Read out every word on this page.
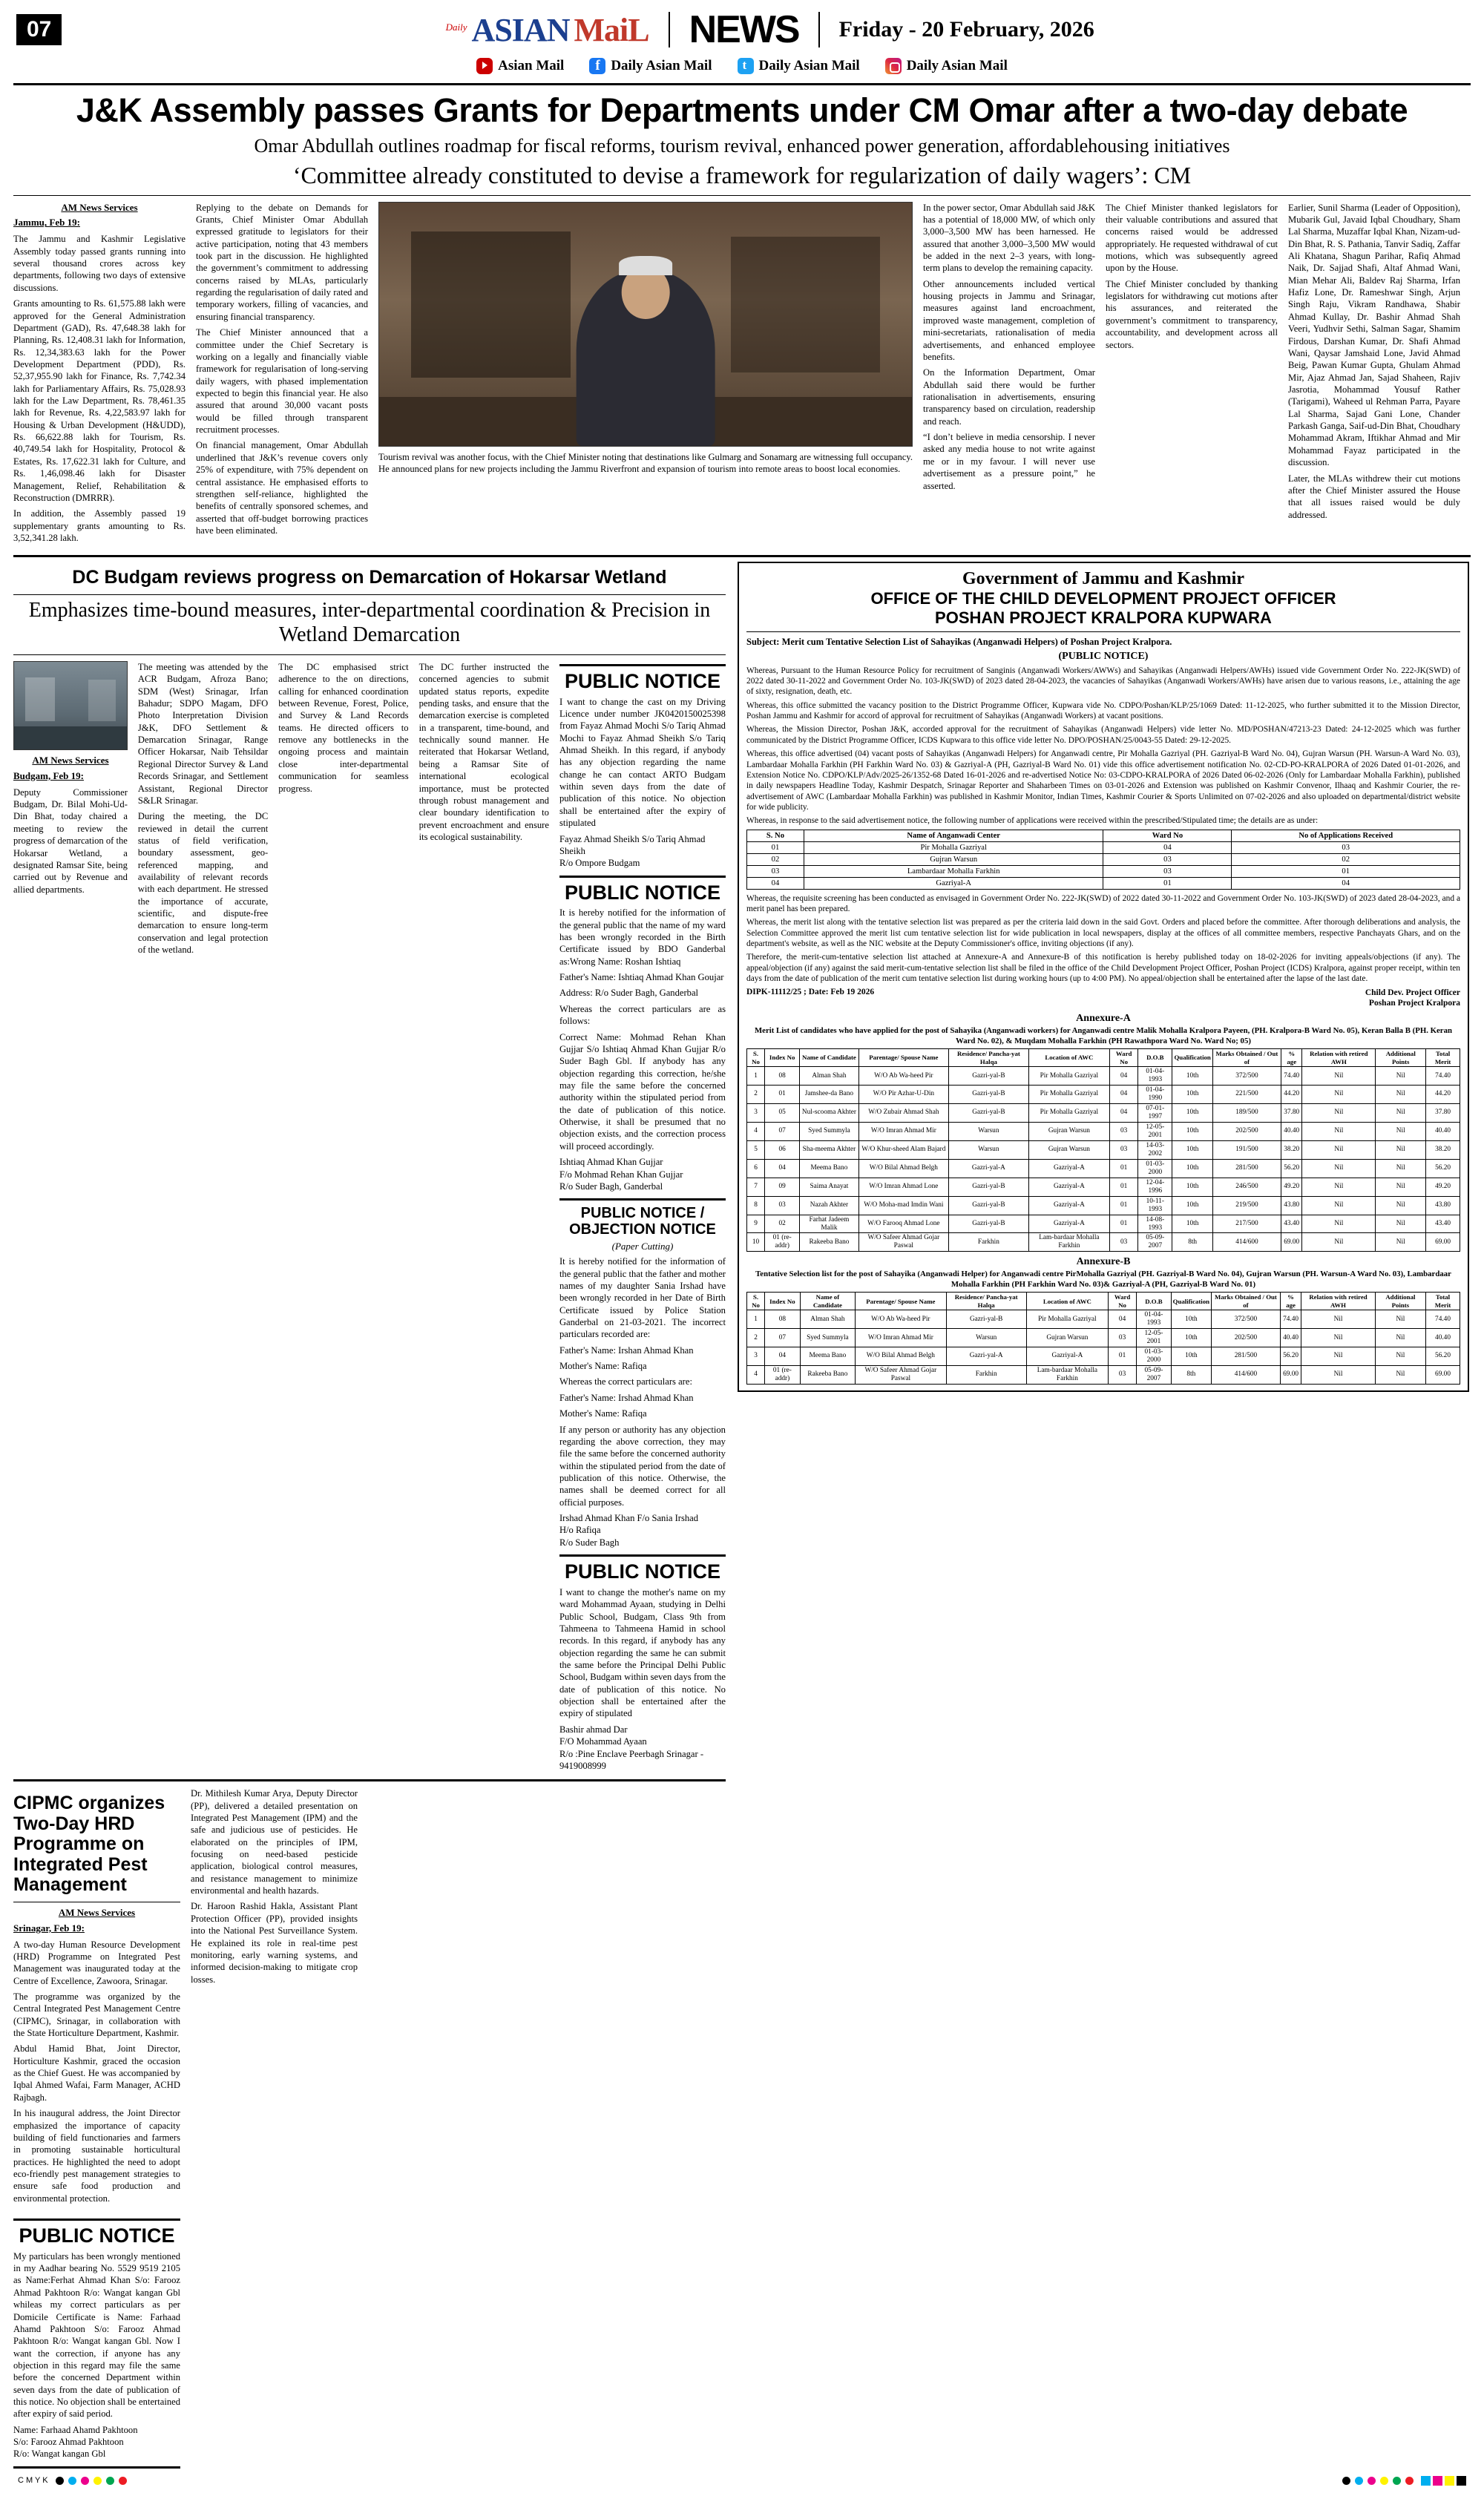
07	Daily ASIAN MaiL NEWS Friday - 20 February, 2026
Asian Mail f	Daily Asian Mail t	Daily Asian Mail	Daily Asian Mail
J&K Assembly passes Grants for Departments under CM Omar after a two-day debate
Omar Abdullah outlines roadmap for fiscal reforms, tourism revival, enhanced power generation, affordablehousing initiatives
‘Committee already constituted to devise a framework for regularization of daily wagers’: CM
AM News Services
Jammu, Feb 19:

The Jammu and Kashmir Legislative Assembly today passed grants running into several thousand crores across key departments, following two days of extensive discussions.

Grants amounting to Rs. 61,575.88 lakh were approved for the General Administration Department (GAD), Rs. 47,648.38 lakh for Planning, Rs. 12,408.31 lakh for Information, Rs. 12,34,383.63 lakh for the Power Development Department (PDD), Rs. 52,37,955.90 lakh for Finance, Rs. 7,742.34 lakh for Parliamentary Affairs, Rs. 75,028.93 lakh for the Law Department, Rs. 78,461.35 lakh for Revenue, Rs. 4,22,583.97 lakh for Housing & Urban Development (H&UDD), Rs. 66,622.88 lakh for Tourism, Rs. 40,749.54 lakh for Hospitality, Protocol & Estates, Rs. 17,622.31 lakh for Culture, and Rs. 1,46,098.46 lakh for Disaster Management, Relief, Rehabilitation & Reconstruction (DMRRR).

In addition, the Assembly passed 19 supplementary grants amounting to Rs. 3,52,341.28 lakh.

Replying to the debate on Demands for Grants, Chief Minister Omar Abdullah expressed gratitude to legislators for their active participation, noting that 43 members took part in the discussion. He highlighted the government’s commitment to addressing concerns raised by MLAs, particularly regarding the regularisation of daily rated and temporary workers, filling of vacancies, and ensuring financial transparency.

The Chief Minister announced that a committee under the Chief Secretary is working on a legally and financially viable framework for regularisation of long-serving daily wagers, with phased implementation expected to begin this financial year. He also assured that around 30,000 vacant posts would be filled through transparent recruitment processes.

On financial management, Omar Abdullah underlined that J&K’s revenue covers only 25% of expenditure, with 75% dependent on central assistance. He emphasised efforts to strengthen self-reliance, highlighted the benefits of centrally sponsored schemes, and asserted that off-budget borrowing practices have been eliminated.

Tourism revival was another focus, with the Chief Minister noting that destinations like Gulmarg and Sonamarg are witnessing full occupancy. He announced plans for new projects including the Jammu Riverfront and expansion of tourism into remote areas to boost local economies.

In the power sector, Omar Abdullah said J&K has a potential of 18,000 MW, of which only 3,000–3,500 MW has been harnessed. He assured that another 3,000–3,500 MW would be added in the next 2–3 years, with long-term plans to develop the remaining capacity.

Other announcements included vertical housing projects in Jammu and Srinagar, measures against land encroachment, improved waste management, completion of mini-secretariats, rationalisation of media advertisements, and enhanced employee benefits.

On the Information Department, Omar Abdullah said there would be further rationalisation in advertisements, ensuring transparency based on circulation, readership and reach.

“I don’t believe in media censorship. I never asked any media house to not write against me or in my favour. I will never use advertisement as a pressure point,” he asserted.

The Chief Minister thanked legislators for their valuable contributions and assured that concerns raised would be addressed appropriately. He requested withdrawal of cut motions, which was subsequently agreed upon by the House.

The Chief Minister concluded by thanking legislators for withdrawing cut motions after his assurances, and reiterated the government’s commitment to transparency, accountability, and development across all sectors.

Earlier, Sunil Sharma (Leader of Opposition), Mubarik Gul, Javaid Iqbal Choudhary, Sham Lal Sharma, Muzaffar Iqbal Khan, Nizam-ud-Din Bhat, R. S. Pathania, Tanvir Sadiq, Zaffar Ali Khatana, Shagun Parihar, Rafiq Ahmad Naik, Dr. Sajjad Shafi, Altaf Ahmad Wani, Mian Mehar Ali, Baldev Raj Sharma, Irfan Hafiz Lone, Dr. Rameshwar Singh, Arjun Singh Raju, Vikram Randhawa, Shabir Ahmad Kullay, Dr. Bashir Ahmad Shah Veeri, Yudhvir Sethi, Salman Sagar, Shamim Firdous, Darshan Kumar, Dr. Shafi Ahmad Wani, Qaysar Jamshaid Lone, Javid Ahmad Beig, Pawan Kumar Gupta, Ghulam Ahmad Mir, Ajaz Ahmad Jan, Sajad Shaheen, Rajiv Jasrotia, Mohammad Yousuf Rather (Tarigami), Waheed ul Rehman Parra, Payare Lal Sharma, Sajad Gani Lone, Chander Parkash Ganga, Saif-ud-Din Bhat, Choudhary Mohammad Akram, Iftikhar Ahmad and Mir Mohammad Fayaz participated in the discussion.

Later, the MLAs withdrew their cut motions after the Chief Minister assured the House that all issues raised would be duly addressed.

DC Budgam reviews progress on Demarcation of Hokarsar Wetland
Emphasizes time-bound measures, inter-departmental coordination & Precision in Wetland Demarcation
AM News Services
Budgam, Feb 19:

Deputy Commissioner Budgam, Dr. Bilal Mohi-Ud-Din Bhat, today chaired a meeting to review the progress of demarcation of the Hokarsar Wetland, a designated Ramsar Site, being carried out by Revenue and allied departments.

The meeting was attended by the ACR Budgam, Afroza Bano; SDM (West) Srinagar, Irfan Bahadur; SDPO Magam, DFO Photo Interpretation Division J&K, DFO Settlement & Demarcation Srinagar, Range Officer Hokarsar, Naib Tehsildar Regional Director Survey & Land Records Srinagar, and Settlement Assistant, Regional Director S&LR Srinagar.

During the meeting, the DC reviewed in detail the current status of field verification, boundary assessment, geo-referenced mapping, and availability of relevant records with each department. He stressed the importance of accurate, scientific, and dispute-free demarcation to ensure long-term conservation and legal protection of the wetland.

The DC emphasised strict adherence to the on directions, calling for enhanced coordination between Revenue, Forest, Police, and Survey & Land Records teams. He directed officers to remove any bottlenecks in the ongoing process and maintain close inter-departmental communication for seamless progress.

The DC further instructed the concerned agencies to submit updated status reports, expedite pending tasks, and ensure that the demarcation exercise is completed in a transparent, time-bound, and technically sound manner. He reiterated that Hokarsar Wetland, being a Ramsar Site of international ecological importance, must be protected through robust management and clear boundary identification to prevent encroachment and ensure its ecological sustainability.

PUBLIC NOTICE

I want to change the cast on my Driving Licence under number JK0420150025398 from Fayaz Ahmad Mochi S/o Tariq Ahmad Mochi to Fayaz Ahmad Sheikh S/o Tariq Ahmad Sheikh. In this regard, if anybody has any objection regarding the name change he can contact ARTO Budgam within seven days from the date of publication of this notice. No objection shall be entertained after the expiry of stipulated

Fayaz Ahmad Sheikh S/o Tariq Ahmad Sheikh
R/o Ompore Budgam
PUBLIC NOTICE

It is hereby notified for the information of the general public that the name of my ward has been wrongly recorded in the Birth Certificate issued by BDO Ganderbal as:Wrong Name: Roshan Ishtiaq

Father's Name: Ishtiaq Ahmad Khan Goujar

Address: R/o Suder Bagh, Ganderbal

Whereas the correct particulars are as follows:

Correct Name: Mohmad Rehan Khan Gujjar S/o Ishtiaq Ahmad Khan Gujjar R/o Suder Bagh Gbl. If anybody has any objection regarding this correction, he/she may file the same before the concerned authority within the stipulated period from the date of publication of this notice. Otherwise, it shall be presumed that no objection exists, and the correction process will proceed accordingly.

Ishtiaq Ahmad Khan Gujjar
F/o Mohmad Rehan Khan Gujjar
R/o Suder Bagh, Ganderbal
PUBLIC NOTICE / OBJECTION NOTICE
(Paper Cutting)

It is hereby notified for the information of the general public that the father and mother names of my daughter Sania Irshad have been wrongly recorded in her Date of Birth Certificate issued by Police Station Ganderbal on 21-03-2021. The incorrect particulars recorded are:

Father's Name: Irshan Ahmad Khan

Mother's Name: Rafiqa

Whereas the correct particulars are:

Father's Name: Irshad Ahmad Khan

Mother's Name: Rafiqa

If any person or authority has any objection regarding the above correction, they may file the same before the concerned authority within the stipulated period from the date of publication of this notice. Otherwise, the names shall be deemed correct for all official purposes.

Irshad Ahmad Khan F/o Sania Irshad
H/o Rafiqa
R/o Suder Bagh
PUBLIC NOTICE

I want to change the mother's name on my ward Mohammad Ayaan, studying in Delhi Public School, Budgam, Class 9th from Tahmeena to Tahmeena Hamid in school records. In this regard, if anybody has any objection regarding the same he can submit the same before the Principal Delhi Public School, Budgam within seven days from the date of publication of this notice. No objection shall be entertained after the expiry of stipulated

Bashir ahmad Dar
F/O Mohammad Ayaan
R/o :Pine Enclave Peerbagh Srinagar - 9419008999
CIPMC organizes Two-Day HRD Programme on Integrated Pest Management
AM News Services
Srinagar, Feb 19:

A two-day Human Resource Development (HRD) Programme on Integrated Pest Management was inaugurated today at the Centre of Excellence, Zawoora, Srinagar.

The programme was organized by the Central Integrated Pest Management Centre (CIPMC), Srinagar, in collaboration with the State Horticulture Department, Kashmir.

Abdul Hamid Bhat, Joint Director, Horticulture Kashmir, graced the occasion as the Chief Guest. He was accompanied by Iqbal Ahmed Wafai, Farm Manager, ACHD Rajbagh.

In his inaugural address, the Joint Director emphasized the importance of capacity building of field functionaries and farmers in promoting sustainable horticultural practices. He highlighted the need to adopt eco-friendly pest management strategies to ensure safe food production and environmental protection.

Dr. Mithilesh Kumar Arya, Deputy Director (PP), delivered a detailed presentation on Integrated Pest Management (IPM) and the safe and judicious use of pesticides. He elaborated on the principles of IPM, focusing on need-based pesticide application, biological control measures, and resistance management to minimize environmental and health hazards.

Dr. Haroon Rashid Hakla, Assistant Plant Protection Officer (PP), provided insights into the National Pest Surveillance System. He explained its role in real-time pest monitoring, early warning systems, and informed decision-making to mitigate crop losses.

PUBLIC NOTICE

My particulars has been wrongly mentioned in my Aadhar bearing No. 5529 9519 2105 as Name:Ferhat Ahmad Khan S/o: Farooz Ahmad Pakhtoon R/o: Wangat kangan Gbl whileas my correct particulars as per Domicile Certificate is Name: Farhaad Ahamd Pakhtoon S/o: Farooz Ahmad Pakhtoon R/o: Wangat kangan Gbl. Now I want the correction, if anyone has any objection in this regard may file the same before the concerned Department within seven days from the date of publication of this notice. No objection shall be entertained after expiry of said period.

Name: Farhaad Ahamd Pakhtoon
S/o: Farooz Ahmad Pakhtoon
R/o: Wangat kangan Gbl
Government of Jammu and Kashmir
OFFICE OF THE CHILD DEVELOPMENT PROJECT OFFICER
POSHAN PROJECT KRALPORA KUPWARA
Subject: Merit cum Tentative Selection List of Sahayikas (Anganwadi Helpers) of Poshan Project Kralpora.
(PUBLIC NOTICE)

Whereas, Pursuant to the Human Resource Policy for recruitment of Sanginis (Anganwadi Workers/AWWs) and Sahayikas (Anganwadi Helpers/AWHs) issued vide Government Order No. 222-JK(SWD) of 2022 dated 30-11-2022 and Government Order No. 103-JK(SWD) of 2023 dated 28-04-2023, the vacancies of Sahayikas (Anganwadi Workers/AWHs) have arisen due to various reasons, i.e., attaining the age of sixty, resignation, death, etc.

Whereas, this office submitted the vacancy position to the District Programme Officer, Kupwara vide No. CDPO/Poshan/KLP/25/1069 Dated: 11-12-2025, who further submitted it to the Mission Director, Poshan Jammu and Kashmir for accord of approval for recruitment of Sahayikas (Anganwadi Workers) at vacant positions.

Whereas, the Mission Director, Poshan J&K, accorded approval for the recruitment of Sahayikas (Anganwadi Helpers) vide letter No. MD/POSHAN/47213-23 Dated: 24-12-2025 which was further communicated by the District Programme Officer, ICDS Kupwara to this office vide letter No. DPO/POSHAN/25/0043-55 Dated: 29-12-2025.

Whereas, this office advertised (04) vacant posts of Sahayikas (Anganwadi Helpers) for Anganwadi centre, Pir Mohalla Gazriyal (PH. Gazriyal-B Ward No. 04), Gujran Warsun (PH. Warsun-A Ward No. 03), Lambardaar Mohalla Farkhin (PH Farkhin Ward No. 03) & Gazriyal-A (PH, Gazriyal-B Ward No. 01) vide this office advertisement notification No. 02-CD-PO-KRALPORA of 2026 Dated 01-01-2026, and Extension Notice No. CDPO/KLP/Adv/2025-26/1352-68 Dated 16-01-2026 and re-advertised Notice No: 03-CDPO-KRALPORA of 2026 Dated 06-02-2026 (Only for Lambardaar Mohalla Farkhin), published in daily newspapers Headline Today, Kashmir Despatch, Srinagar Reporter and Shaharbeen Times on 03-01-2026 and Extension was published on Kashmir Convenor, Ilhaaq and Kashmir Courier, the re-advertisement of AWC (Lambardaar Mohalla Farkhin) was published in Kashmir Monitor, Indian Times, Kashmir Courier & Sports Unlimited on 07-02-2026 and also uploaded on departmental/district website for wide publicity.

Whereas, in response to the said advertisement notice, the following number of applications were received within the prescribed/Stipulated time; the details are as under:

S. No	Name of Anganwadi Center	Ward No	No of Applications Received
01	Pir Mohalla Gazriyal	04	03
02	Gujran Warsun	03	02
03	Lambardaar Mohalla Farkhin	03	01
04	Gazriyal-A	01	04

Whereas, the requisite screening has been conducted as envisaged in Government Order No. 222-JK(SWD) of 2022 dated 30-11-2022 and Government Order No. 103-JK(SWD) of 2023 dated 28-04-2023, and a merit panel has been prepared.

Whereas, the merit list along with the tentative selection list was prepared as per the criteria laid down in the said Govt. Orders and placed before the committee. After thorough deliberations and analysis, the Selection Committee approved the merit list cum tentative selection list for wide publication in local newspapers, display at the offices of all committee members, respective Panchayats Ghars, and on the department's website, as well as the NIC website at the Deputy Commissioner's office, inviting objections (if any).

Therefore, the merit-cum-tentative selection list attached at Annexure-A and Annexure-B of this notification is hereby published today on 18-02-2026 for inviting appeals/objections (if any). The appeal/objection (if any) against the said merit-cum-tentative selection list shall be filed in the office of the Child Development Project Officer, Poshan Project (ICDS) Kralpora, against proper receipt, within ten days from the date of publication of the merit cum tentative selection list during working hours (up to 4:00 PM). No appeal/objection shall be entertained after the lapse of the last date.

DIPK-11112/25 ; Date: Feb 19 2026	Child Dev. Project Officer
Poshan Project Kralpora
Annexure-A
Merit List of candidates who have applied for the post of Sahayika (Anganwadi workers) for Anganwadi centre Malik Mohalla Kralpora Payeen, (PH. Kralpora-B Ward No. 05), Keran Balla B (PH. Keran Ward No. 02), & Muqdam Mohalla Farkhin (PH Rawathpora Ward No. Ward No; 05)
S. No	Index No	Name of Candidate	Parentage/ Spouse Name	Residence/ Pancha-yat Halqa	Location of AWC	Ward No	D.O.B	Qualification	Marks Obtained / Out of	% age	Relation with retired AWH	Additional Points	Total Merit
1	08	Alman Shah	W/O Ab Wa-heed Pir	Gazri-yal-B	Pir Mohalla Gazriyal	04	01-04-1993	10th	372/500	74.40	Nil	Nil	74.40
2	01	Jamshee-da Bano	W/O Pir Azhar-U-Din	Gazri-yal-B	Pir Mohalla Gazriyal	04	01-04-1990	10th	221/500	44.20	Nil	Nil	44.20
3	05	Nul-scooma Akhter	W/O Zubair Ahmad Shah	Gazri-yal-B	Pir Mohalla Gazriyal	04	07-01-1997	10th	189/500	37.80	Nil	Nil	37.80
4	07	Syed Summyla	W/O Imran Ahmad Mir	Warsun	Gujran Warsun	03	12-05-2001	10th	202/500	40.40	Nil	Nil	40.40
5	06	Sha-meema Akhter	W/O Khur-sheed Alam Bajard	Warsun	Gujran Warsun	03	14-03-2002	10th	191/500	38.20	Nil	Nil	38.20
6	04	Meema Bano	W/O Bilal Ahmad Belgh	Gazri-yal-A	Gazriyal-A	01	01-03-2000	10th	281/500	56.20	Nil	Nil	56.20
7	09	Saima Anayat	W/O Imran Ahmad Lone	Gazri-yal-B	Gazriyal-A	01	12-04-1996	10th	246/500	49.20	Nil	Nil	49.20
8	03	Nazah Akhter	W/O Moha-mad Imdin Wani	Gazri-yal-B	Gazriyal-A	01	10-11-1993	10th	219/500	43.80	Nil	Nil	43.80
9	02	Farhat Jadeem Malik	W/O Farooq Ahmad Lone	Gazri-yal-B	Gazriyal-A	01	14-08-1993	10th	217/500	43.40	Nil	Nil	43.40
10	01 (re-addr)	Rakeeba Bano	W/O Safeer Ahmad Gojar Paswal	Farkhin	Lam-bardaar Mohalla Farkhin	03	05-09-2007	8th	414/600	69.00	Nil	Nil	69.00
Annexure-B
Tentative Selection list for the post of Sahayika (Anganwadi Helper) for Anganwadi centre PirMohalla Gazriyal (PH. Gazriyal-B Ward No. 04), Gujran Warsun (PH. Warsun-A Ward No. 03), Lambardaar Mohalla Farkhin (PH Farkhin Ward No. 03)& Gazriyal-A (PH, Gazriyal-B Ward No. 01)
S. No	Index No	Name of Candidate	Parentage/ Spouse Name	Residence/ Pancha-yat Halqa	Location of AWC	Ward No	D.O.B	Qualification	Marks Obtained / Out of	% age	Relation with retired AWH	Additional Points	Total Merit
1	08	Alman Shah	W/O Ab Wa-heed Pir	Gazri-yal-B	Pir Mohalla Gazriyal	04	01-04-1993	10th	372/500	74.40	Nil	Nil	74.40
2	07	Syed Summyla	W/O Imran Ahmad Mir	Warsun	Gujran Warsun	03	12-05-2001	10th	202/500	40.40	Nil	Nil	40.40
3	04	Meema Bano	W/O Bilal Ahmad Belgh	Gazri-yal-A	Gazriyal-A	01	01-03-2000	10th	281/500	56.20	Nil	Nil	56.20
4	01 (re-addr)	Rakeeba Bano	W/O Safeer Ahmad Gojar Paswal	Farkhin	Lam-bardaar Mohalla Farkhin	03	05-09-2007	8th	414/600	69.00	Nil	Nil	69.00
C M Y K
